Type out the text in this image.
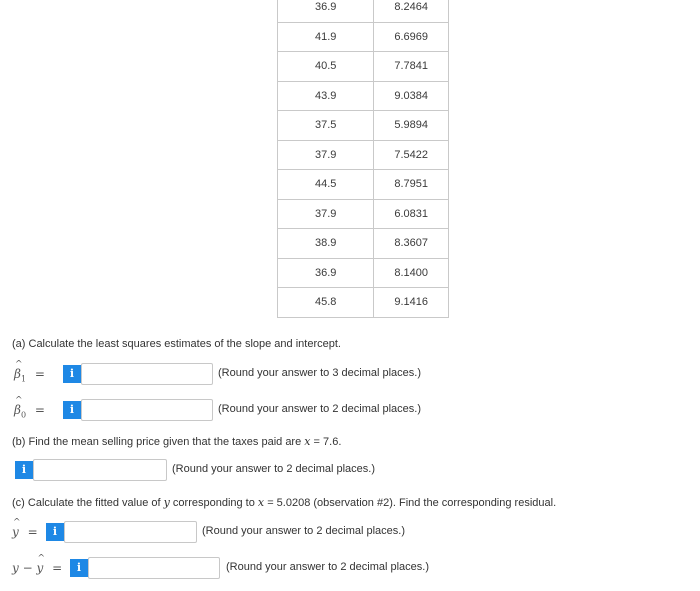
36.9	8.2464
41.9	6.6969
40.5	7.7841
43.9	9.0384
37.5	5.9894
37.9	7.5422
44.5	8.7951
37.9	6.0831
38.9	8.3607
36.9	8.1400
45.8	9.1416
(a) Calculate the least squares estimates of the slope and intercept.
^ $\beta_1$ =	i	(Round your answer to 3 decimal places.)
^ $\beta_0$ =	i	(Round your answer to 2 decimal places.)
(b) Find the mean selling price given that the taxes paid are x = 7.6.
i	(Round your answer to 2 decimal places.)
(c) Calculate the fitted value of y corresponding to x = 5.0208 (observation #2). Find the corresponding residual.
^ y =	i	(Round your answer to 2 decimal places.)
y − ^ y =	i	(Round your answer to 2 decimal places.)
